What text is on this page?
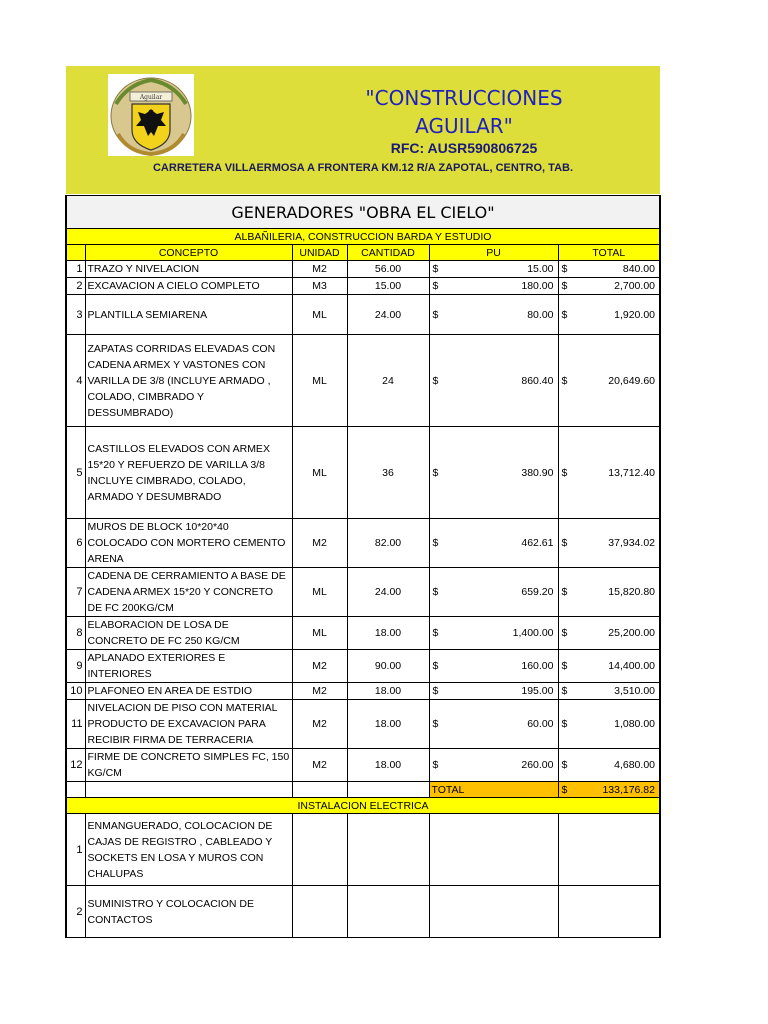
Aguilar	"CONSTRUCCIONES
AGUILAR"
RFC: AUSR590806725
CARRETERA VILLAERMOSA A FRONTERA KM.12 R/A ZAPOTAL, CENTRO, TAB.
GENERADORES "OBRA EL CIELO"					
ALBAÑILERIA, CONSTRUCCION BARDA Y ESTUDIO					
	CONCEPTO	UNIDAD	CANTIDAD	PU	TOTAL
1	TRAZO Y NIVELACION	M2	56.00	$ 15.00	$ 840.00
2	EXCAVACION A CIELO COMPLETO	M3	15.00	$ 180.00	$ 2,700.00
3	PLANTILLA SEMIARENA	ML	24.00	$ 80.00	$ 1,920.00
4	ZAPATAS CORRIDAS ELEVADAS CON CADENA ARMEX Y VASTONES CON VARILLA DE 3/8 (INCLUYE ARMADO , COLADO, CIMBRADO Y DESSUMBRADO)	ML	24	$ 860.40	$ 20,649.60
5	CASTILLOS ELEVADOS CON ARMEX 15*20 Y REFUERZO DE VARILLA 3/8 INCLUYE CIMBRADO, COLADO, ARMADO Y DESUMBRADO	ML	36	$ 380.90	$ 13,712.40
6	MUROS DE BLOCK 10*20*40 COLOCADO CON MORTERO CEMENTO ARENA	M2	82.00	$ 462.61	$ 37,934.02
7	CADENA DE CERRAMIENTO A BASE DE CADENA ARMEX 15*20 Y CONCRETO DE FC 200KG/CM	ML	24.00	$ 659.20	$ 15,820.80
8	ELABORACION DE LOSA DE CONCRETO DE FC 250 KG/CM	ML	18.00	$ 1,400.00	$ 25,200.00
9	APLANADO EXTERIORES E INTERIORES	M2	90.00	$ 160.00	$ 14,400.00
10	PLAFONEO EN AREA DE ESTDIO	M2	18.00	$ 195.00	$ 3,510.00
11	NIVELACION DE PISO CON MATERIAL PRODUCTO DE EXCAVACION PARA RECIBIR FIRMA DE TERRACERIA	M2	18.00	$ 60.00	$ 1,080.00
12	FIRME DE CONCRETO SIMPLES FC, 150 KG/CM	M2	18.00	$ 260.00	$ 4,680.00
				TOTAL	$ 133,176.82
INSTALACION ELECTRICA					
1	ENMANGUERADO, COLOCACION DE CAJAS DE REGISTRO , CABLEADO Y SOCKETS EN LOSA Y MUROS CON CHALUPAS				
2	SUMINISTRO Y COLOCACION DE CONTACTOS				
